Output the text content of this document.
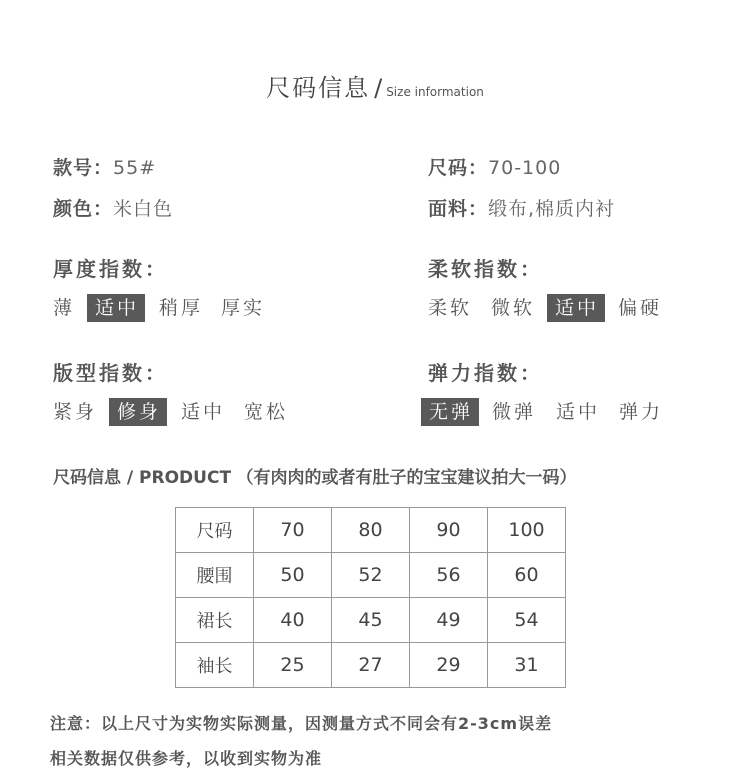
尺码信息 / Size information
款号：55#	尺码：70-100
颜色：米白色	面料：缎布,棉质内衬
厚度指数：
薄	适中	稍厚 厚实
柔软指数：
柔软 微软	适中 偏硬
版型指数：
紧身	修身	适中 宽松
弹力指数：
无弹 微弹 适中 弹力
尺码信息 / PRODUCT （有肉肉的或者有肚子的宝宝建议拍大一码）
尺码	70	80	90	100
腰围	50	52	56	60
裙长	40	45	49	54
袖长	25	27	29	31
注意：以上尺寸为实物实际测量，因测量方式不同会有2-3cm误差
相关数据仅供参考，以收到实物为准
